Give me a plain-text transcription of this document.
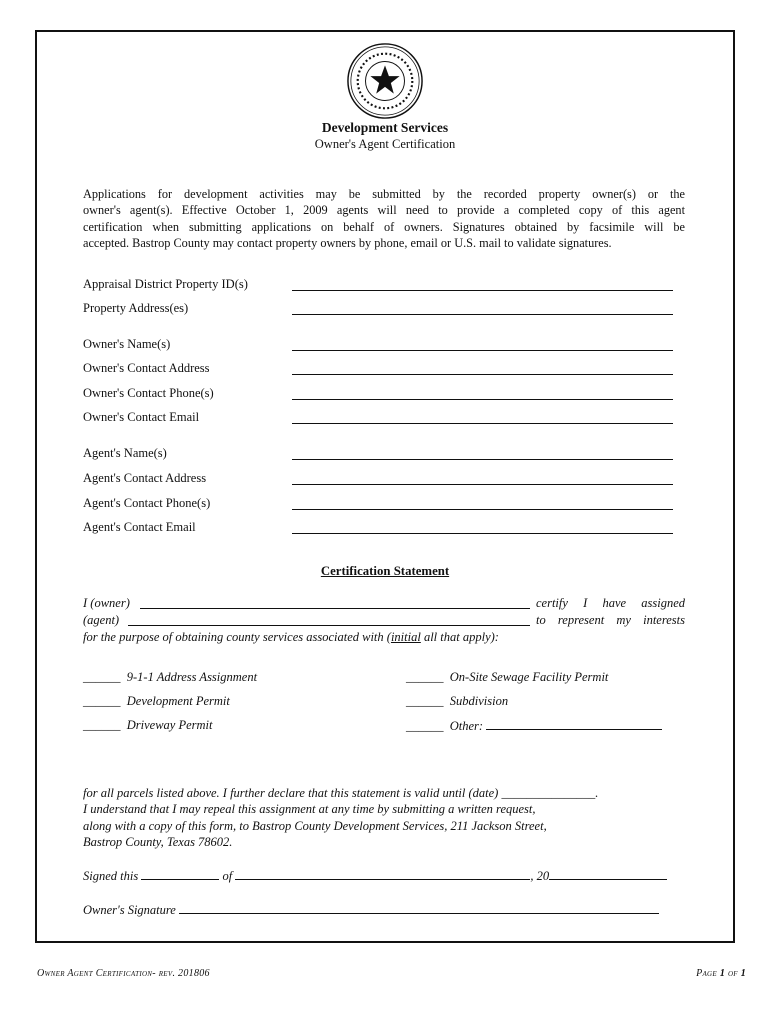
Development Services
Owner's Agent Certification
Applications for development activities may be submitted by the recorded property owner(s) or the
owner's agent(s). Effective October 1, 2009 agents will need to provide a completed copy of this agent
certification when submitting applications on behalf of owners. Signatures obtained by facsimile will be
accepted. Bastrop County may contact property owners by phone, email or U.S. mail to validate signatures.
Appraisal District Property ID(s)
Property Address(es)
Owner's Name(s)
Owner's Contact Address
Owner's Contact Phone(s)
Owner's Contact Email
Agent's Name(s)
Agent's Contact Address
Agent's Contact Phone(s)
Agent's Contact Email
Certification Statement
I (owner)	certify I have assigned
(agent)	to represent my interests
for the purpose of obtaining county services associated with (initial all that apply):
______ 9-1-1 Address Assignment
______ Development Permit
______ Driveway Permit
______ On-Site Sewage Facility Permit
______ Subdivision
______ Other:
for all parcels listed above. I further declare that this statement is valid until (date) _______________.
I understand that I may repeal this assignment at any time by submitting a written request,
along with a copy of this form, to Bastrop County Development Services, 211 Jackson Street,
Bastrop County, Texas 78602.
Signed this	of	, 20
Owner's Signature
Owner Agent Certification- rev. 201806	Page 1 of 1
